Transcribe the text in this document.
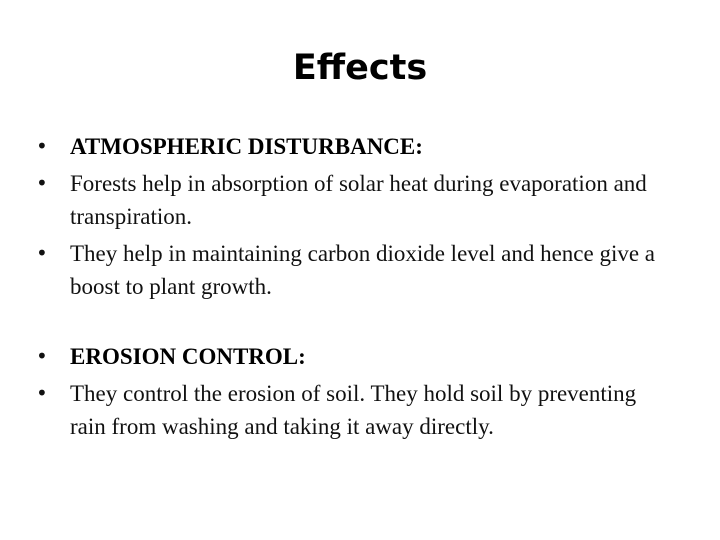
Effects
• ATMOSPHERIC DISTURBANCE:
• Forests help in absorption of solar heat during evaporation and transpiration.
• They help in maintaining carbon dioxide level and hence give a boost to plant growth.
• EROSION CONTROL:
• They control the erosion of soil. They hold soil by preventing rain from washing and taking it away directly.
